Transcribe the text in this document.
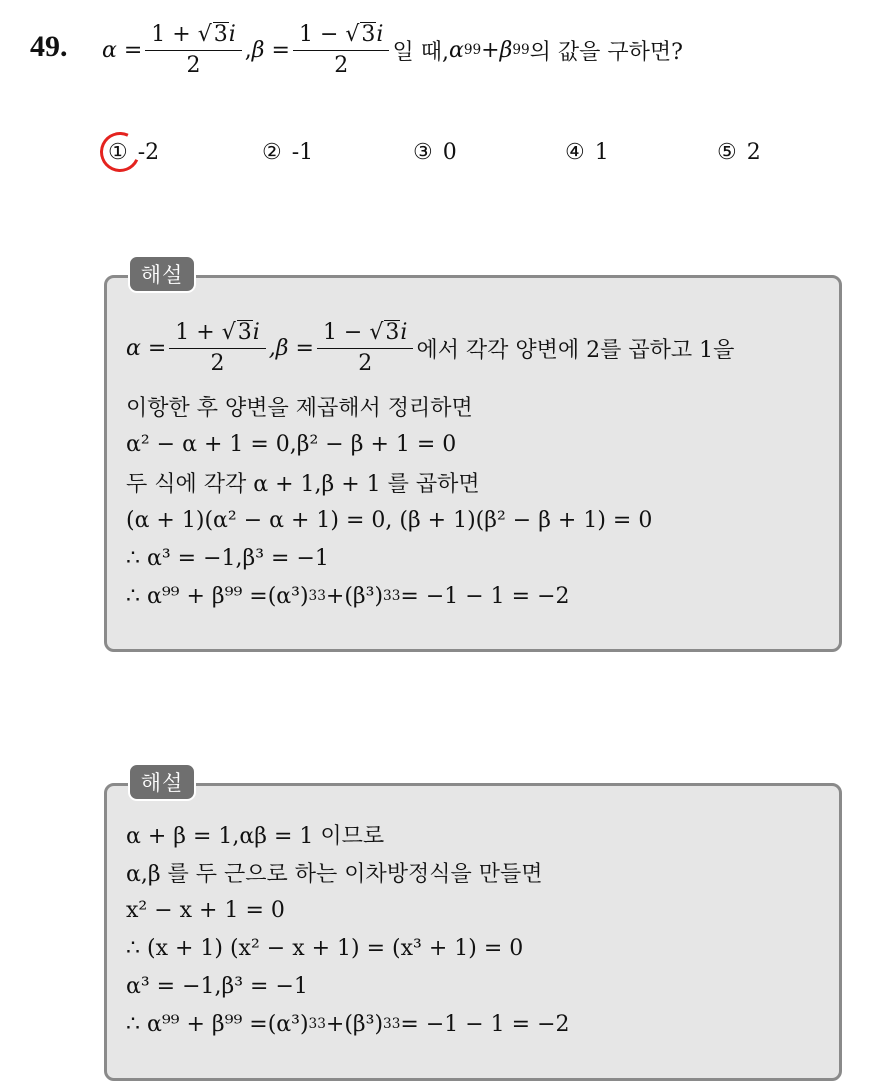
49. $\alpha = \frac{1 + √3i}{2}$ , $\beta = \frac{1 - √3i}{2}$ 일 때, α 99 + β 99 의 값을 구하면?
① -2	② -1	③ 0	④ 1	⑤ 2
해설
$\alpha = \frac{1 + √3i}{2} ,\beta = \frac{1 - √3i}{2}$ 에서 각각 양변에 2를 곱하고 1을
이항한 후 양변을 제곱해서 정리하면
α² − α + 1 = 0,β² − β + 1 = 0
두 식에 각각 α + 1,β + 1 를 곱하면
(α + 1)(α² − α + 1) = 0, (β + 1)(β² − β + 1) = 0
∴ α³ = −1,β³ = −1
∴ α⁹⁹ + β⁹⁹ = (α³) 33 + (β³) 33 = −1 − 1 = −2
해설
α + β = 1,αβ = 1 이므로
α,β 를 두 근으로 하는 이차방정식을 만들면
x² − x + 1 = 0
∴ (x + 1) (x² − x + 1) = (x³ + 1) = 0
α³ = −1,β³ = −1
∴ α⁹⁹ + β⁹⁹ = (α³) 33 + (β³) 33 = −1 − 1 = −2
